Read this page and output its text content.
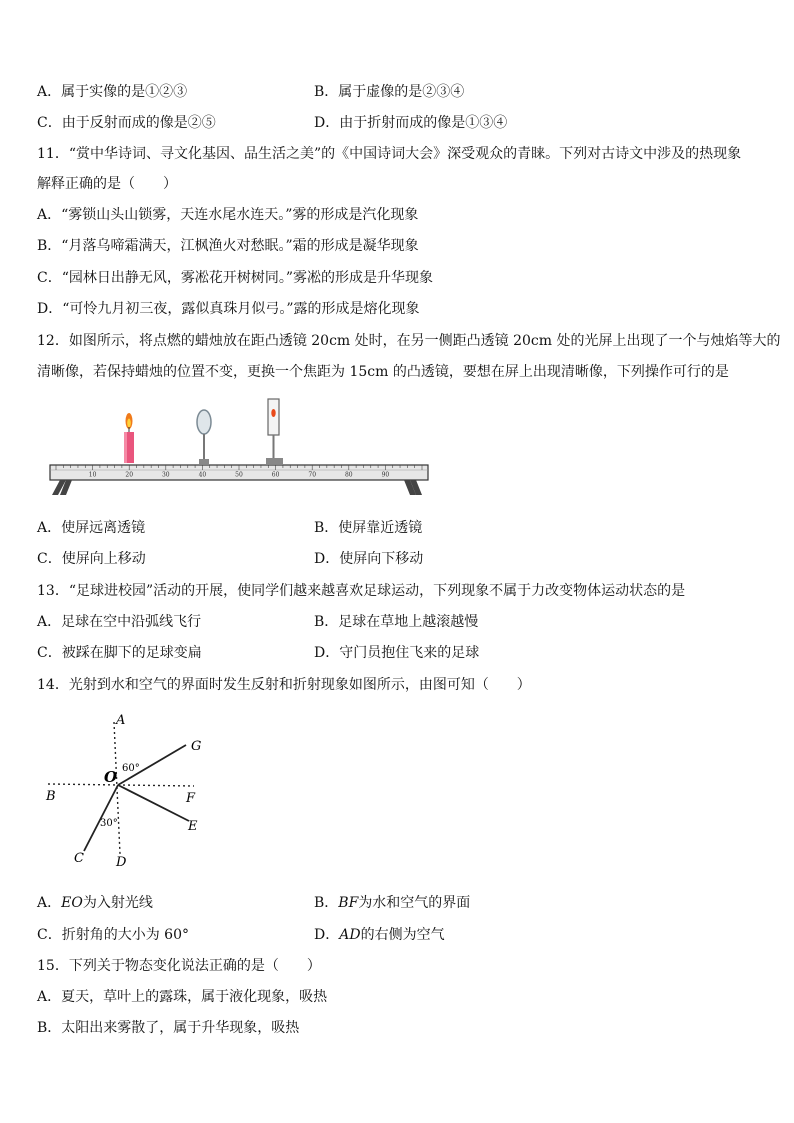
A．属于实像的是①②③	B．属于虚像的是②③④
C．由于反射而成的像是②⑤	D．由于折射而成的像是①③④
11．“赏中华诗词、寻文化基因、品生活之美”的《中国诗词大会》深受观众的青睐。下列对古诗文中涉及的热现象
解释正确的是（　　）
A．“雾锁山头山锁雾，天连水尾水连天。”雾的形成是汽化现象
B．“月落乌啼霜满天，江枫渔火对愁眠。”霜的形成是凝华现象
C．“园林日出静无风，雾凇花开树树同。”雾凇的形成是升华现象
D．“可怜九月初三夜，露似真珠月似弓。”露的形成是熔化现象
12．如图所示，将点燃的蜡烛放在距凸透镜 20cm 处时，在另一侧距凸透镜 20cm 处的光屏上出现了一个与烛焰等大的
清晰像，若保持蜡烛的位置不变，更换一个焦距为 15cm 的凸透镜，要想在屏上出现清晰像，下列操作可行的是
10	20	30	40	50	60	70	80	90
A．使屏远离透镜	B．使屏靠近透镜
C．使屏向上移动	D．使屏向下移动
13．“足球进校园”活动的开展，使同学们越来越喜欢足球运动，下列现象不属于力改变物体运动状态的是
A．足球在空中沿弧线飞行	B．足球在草地上越滚越慢
C．被踩在脚下的足球变扁	D．守门员抱住飞来的足球
14．光射到水和空气的界面时发生反射和折射现象如图所示，由图可知（　　）
A
B
C D
E
F
G
O 60°
30°
A．EO为入射光线	B．BF为水和空气的界面
C．折射角的大小为 60°	D．AD的右侧为空气
15．下列关于物态变化说法正确的是（　　）
A．夏天，草叶上的露珠，属于液化现象，吸热
B．太阳出来雾散了，属于升华现象，吸热
